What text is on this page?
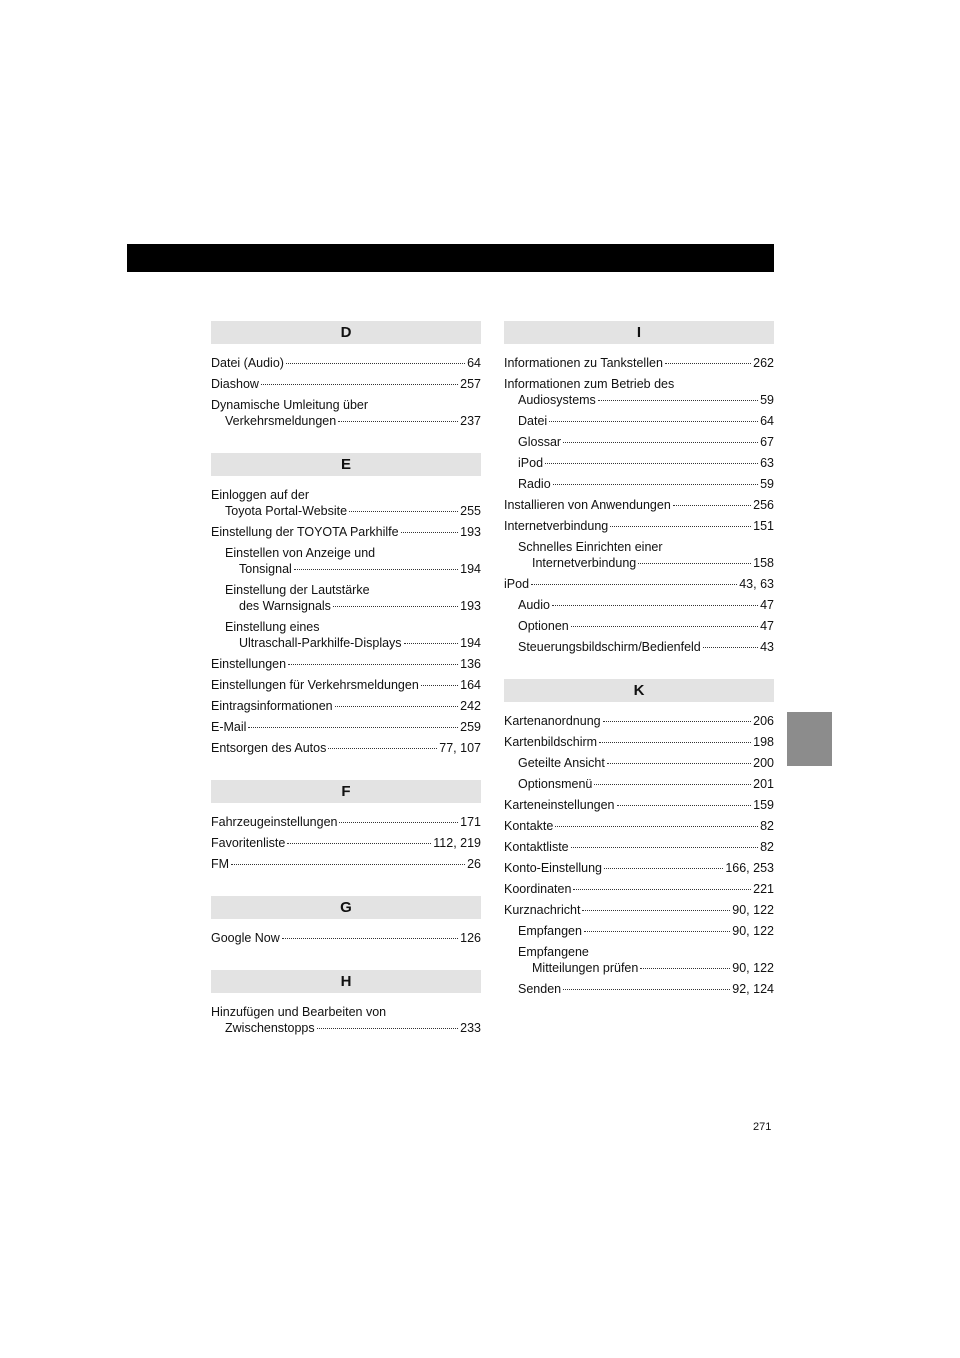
D
Datei (Audio)	64
Diashow	257
Dynamische Umleitung über
Verkehrsmeldungen	237
E
Einloggen auf der
Toyota Portal-Website	255
Einstellung der TOYOTA Parkhilfe	193
Einstellen von Anzeige und
Tonsignal	194
Einstellung der Lautstärke
des Warnsignals	193
Einstellung eines
Ultraschall-Parkhilfe-Displays	194
Einstellungen	136
Einstellungen für Verkehrsmeldungen	164
Eintragsinformationen	242
E-Mail	259
Entsorgen des Autos	77, 107
F
Fahrzeugeinstellungen	171
Favoritenliste	112, 219
FM	26
G
Google Now	126
H
Hinzufügen und Bearbeiten von
Zwischenstopps	233
I
Informationen zu Tankstellen	262
Informationen zum Betrieb des
Audiosystems	59
Datei	64
Glossar	67
iPod	63
Radio	59
Installieren von Anwendungen	256
Internetverbindung	151
Schnelles Einrichten einer
Internetverbindung	158
iPod	43, 63
Audio	47
Optionen	47
Steuerungsbildschirm/Bedienfeld	43
K
Kartenanordnung	206
Kartenbildschirm	198
Geteilte Ansicht	200
Optionsmenü	201
Karteneinstellungen	159
Kontakte	82
Kontaktliste	82
Konto-Einstellung	166, 253
Koordinaten	221
Kurznachricht	90, 122
Empfangen	90, 122
Empfangene
Mitteilungen prüfen	90, 122
Senden	92, 124
271
